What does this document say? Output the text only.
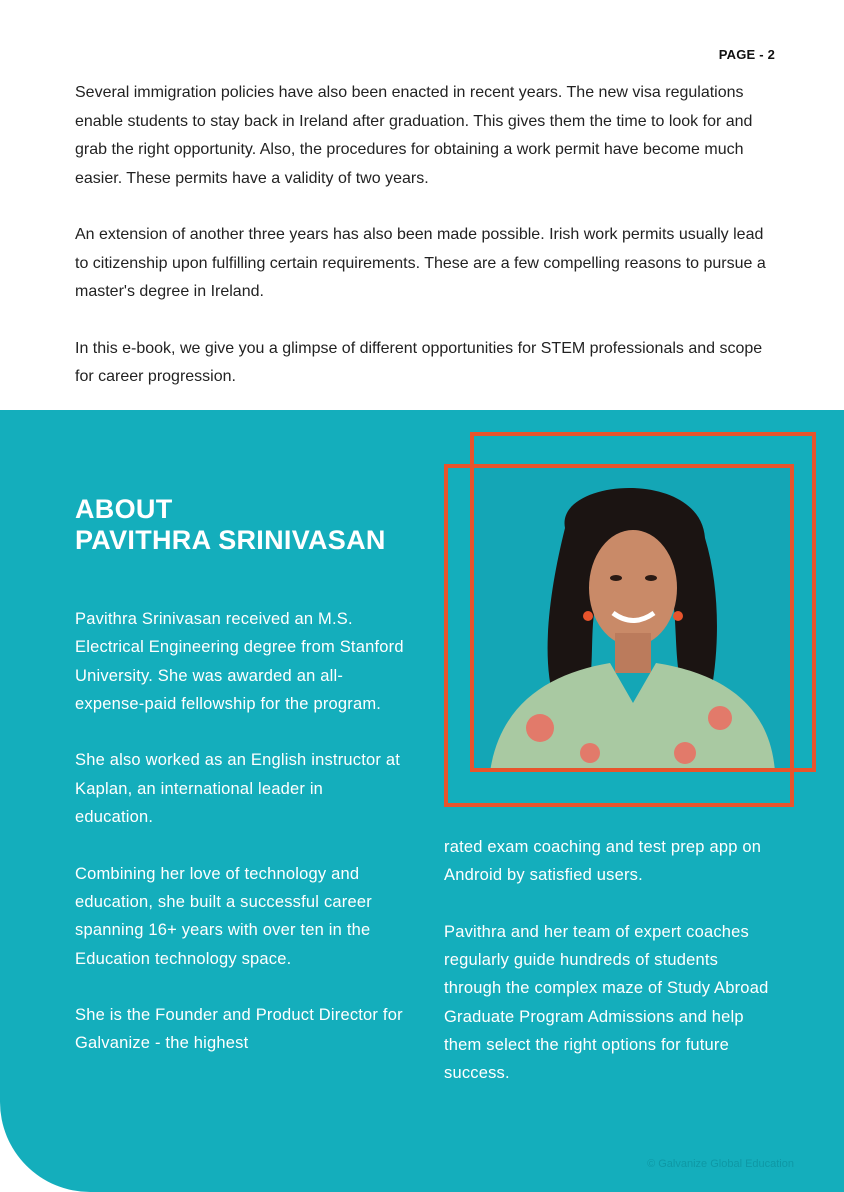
PAGE - 2

Several immigration policies have also been enacted in recent years. The new visa regulations enable students to stay back in Ireland after graduation. This gives them the time to look for and grab the right opportunity. Also, the procedures for obtaining a work permit have become much easier. These permits have a validity of two years.

An extension of another three years has also been made possible. Irish work permits usually lead to citizenship upon fulfilling certain requirements. These are a few compelling reasons to pursue a master's degree in Ireland.

In this e-book, we give you a glimpse of different opportunities for STEM professionals and scope for career progression.

ABOUT
PAVITHRA SRINIVASAN

Pavithra Srinivasan received an M.S. Electrical Engineering degree from Stanford University. She was awarded an all-expense-paid fellowship for the program.

She also worked as an English instructor at Kaplan, an international leader in education.

Combining her love of technology and education, she built a successful career spanning 16+ years with over ten in the Education technology space.

She is the Founder and Product Director for Galvanize - the highest

rated exam coaching and test prep app on Android by satisfied users.

Pavithra and her team of expert coaches regularly guide hundreds of students through the complex maze of Study Abroad Graduate Program Admissions and help them select the right options for future success.

© Galvanize Global Education
